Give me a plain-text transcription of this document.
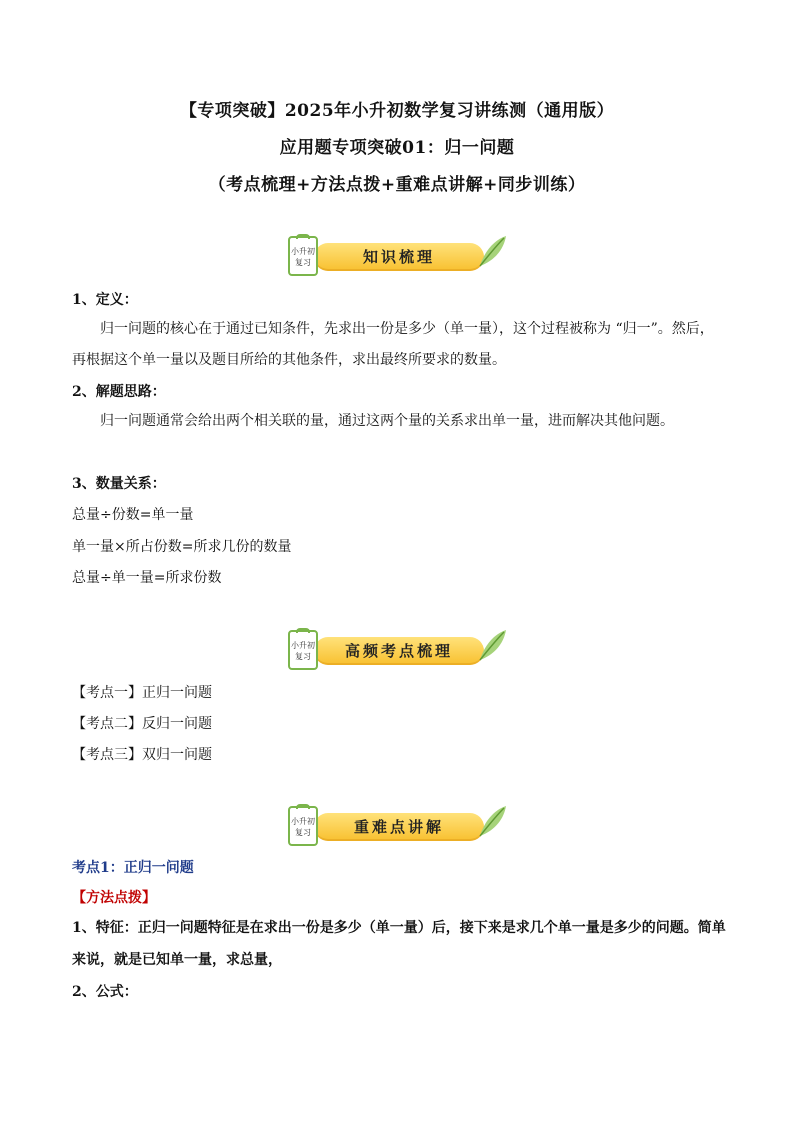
【专项突破】2025年小升初数学复习讲练测（通用版）
应用题专项突破01：归一问题
（考点梳理+方法点拨+重难点讲解+同步训练）
知识梳理
小升初
复习
1、定义：
归一问题的核心在于通过已知条件，先求出一份是多少（单一量），这个过程被称为 “归一”。然后，再根据这个单一量以及题目所给的其他条件，求出最终所要求的数量。
2、解题思路：
归一问题通常会给出两个相关联的量，通过这两个量的关系求出单一量，进而解决其他问题。
3、数量关系：
总量÷份数=单一量
单一量×所占份数=所求几份的数量
总量÷单一量=所求份数
高频考点梳理
小升初
复习
【考点一】正归一问题
【考点二】反归一问题
【考点三】双归一问题
重难点讲解
小升初
复习
考点1：正归一问题
【方法点拨】
1、特征：正归一问题特征是在求出一份是多少（单一量）后，接下来是求几个单一量是多少的问题。简单来说，就是已知单一量，求总量，
2、公式：
